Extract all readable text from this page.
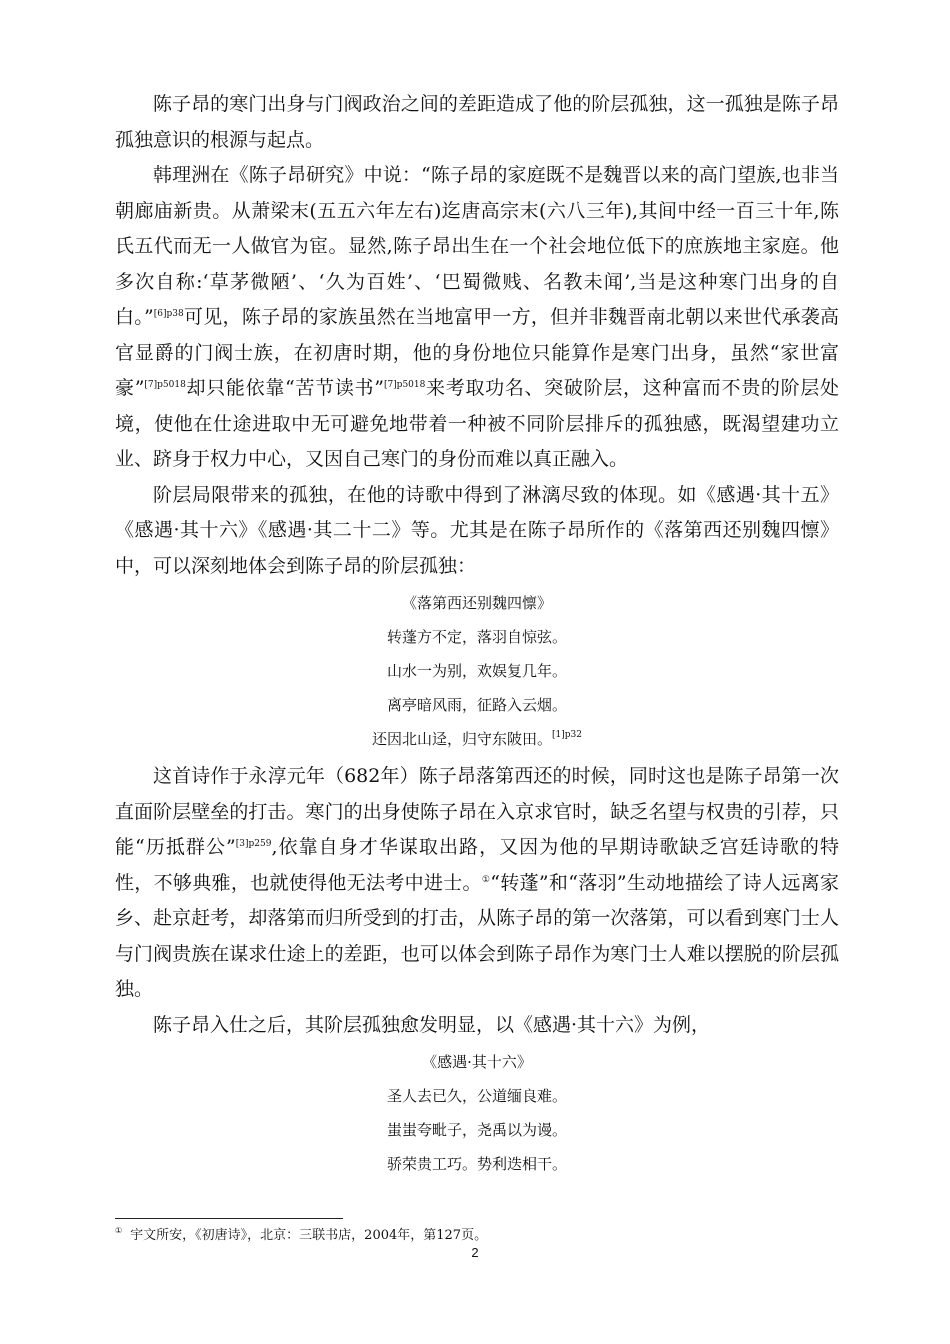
陈子昂的寒门出身与门阀政治之间的差距造成了他的阶层孤独，这一孤独是陈子昂孤独意识的根源与起点。

韩理洲在《陈子昂研究》中说：“陈子昂的家庭既不是魏晋以来的高门望族,也非当朝廊庙新贵。从萧梁末(五五六年左右)迄唐高宗末(六八三年),其间中经一百三十年,陈氏五代而无一人做官为宦。显然,陈子昂出生在一个社会地位低下的庶族地主家庭。他多次自称:‘草茅微陋’、‘久为百姓’、‘巴蜀微贱、名教未闻’,当是这种寒门出身的自白。”$^{[6]p38}$可见，陈子昂的家族虽然在当地富甲一方，但并非魏晋南北朝以来世代承袭高官显爵的门阀士族，在初唐时期，他的身份地位只能算作是寒门出身，虽然“家世富豪”$^{[7]p5018}$却只能依靠“苦节读书”$^{[7]p5018}$来考取功名、突破阶层，这种富而不贵的阶层处境，使他在仕途进取中无可避免地带着一种被不同阶层排斥的孤独感，既渴望建功立业、跻身于权力中心，又因自己寒门的身份而难以真正融入。

阶层局限带来的孤独，在他的诗歌中得到了淋漓尽致的体现。如《感遇·其十五》《感遇·其十六》《感遇·其二十二》等。尤其是在陈子昂所作的《落第西还别魏四懔》中，可以深刻地体会到陈子昂的阶层孤独：

《落第西还别魏四懔》
转蓬方不定，落羽自惊弦。
山水一为别，欢娱复几年。
离亭暗风雨，征路入云烟。
还因北山迳，归守东陂田。$^{[1]p32}$

这首诗作于永淳元年（682年）陈子昂落第西还的时候，同时这也是陈子昂第一次直面阶层壁垒的打击。寒门的出身使陈子昂在入京求官时，缺乏名望与权贵的引荐，只能“历抵群公”$^{[3]p259}$,依靠自身才华谋取出路，又因为他的早期诗歌缺乏宫廷诗歌的特性，不够典雅，也就使得他无法考中进士。①“转蓬”和“落羽”生动地描绘了诗人远离家乡、赴京赶考，却落第而归所受到的打击，从陈子昂的第一次落第，可以看到寒门士人与门阀贵族在谋求仕途上的差距，也可以体会到陈子昂作为寒门士人难以摆脱的阶层孤独。

陈子昂入仕之后，其阶层孤独愈发明显，以《感遇·其十六》为例，

《感遇·其十六》
圣人去已久，公道缅良难。
蚩蚩夸毗子，尧禹以为谩。
骄荣贵工巧。势利迭相干。
① 宇文所安，《初唐诗》，北京：三联书店，2004年，第127页。
2
